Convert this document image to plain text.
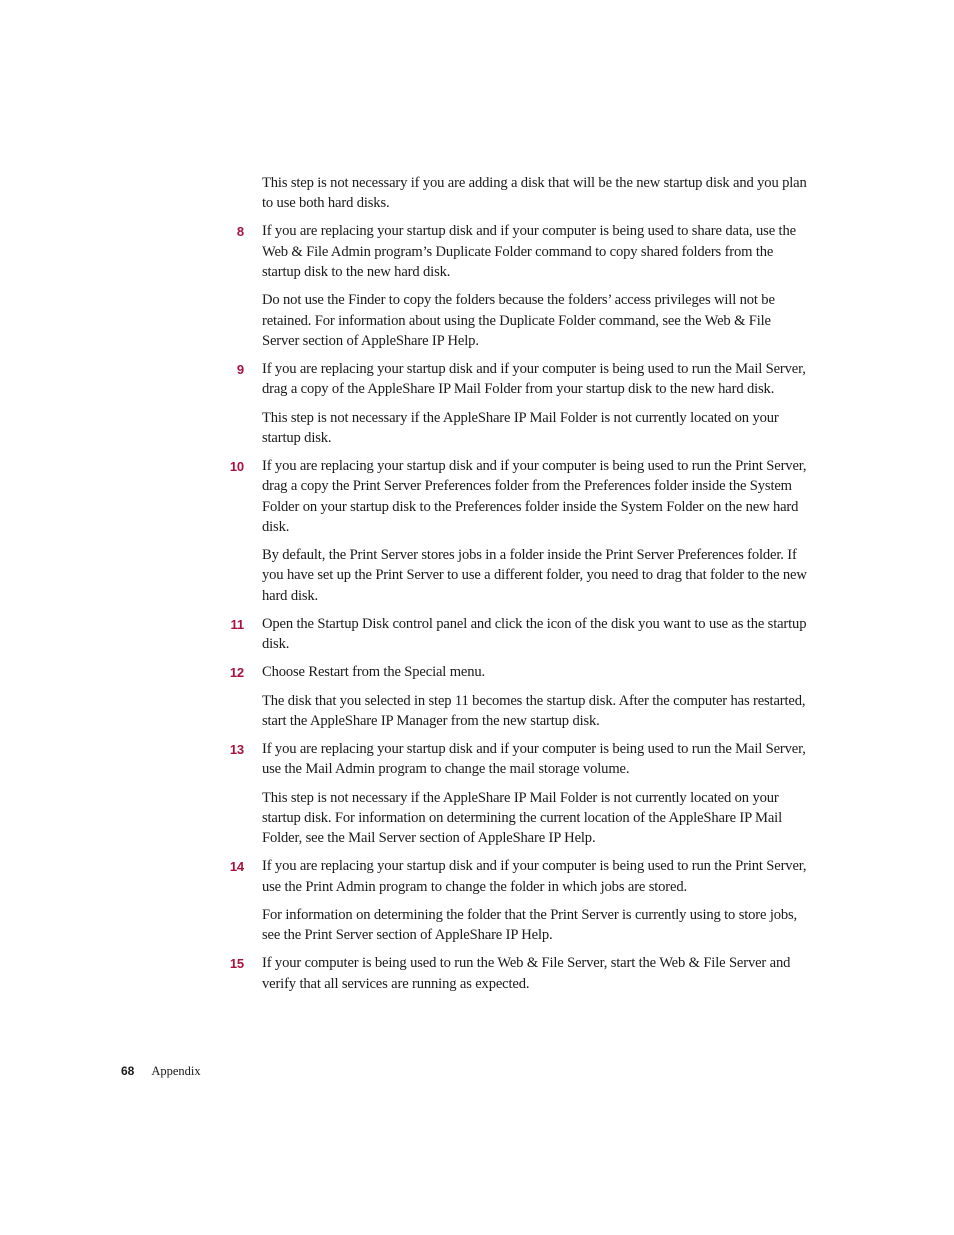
This step is not necessary if you are adding a disk that will be the new startup disk and you plan to use both hard disks.
8 If you are replacing your startup disk and if your computer is being used to share data, use the Web & File Admin program’s Duplicate Folder command to copy shared folders from the startup disk to the new hard disk.
Do not use the Finder to copy the folders because the folders’ access privileges will not be retained. For information about using the Duplicate Folder command, see the Web & File Server section of AppleShare IP Help.
9 If you are replacing your startup disk and if your computer is being used to run the Mail Server, drag a copy of the AppleShare IP Mail Folder from your startup disk to the new hard disk.
This step is not necessary if the AppleShare IP Mail Folder is not currently located on your startup disk.
10 If you are replacing your startup disk and if your computer is being used to run the Print Server, drag a copy the Print Server Preferences folder from the Preferences folder inside the System Folder on your startup disk to the Preferences folder inside the System Folder on the new hard disk.
By default, the Print Server stores jobs in a folder inside the Print Server Preferences folder. If you have set up the Print Server to use a different folder, you need to drag that folder to the new hard disk.
11 Open the Startup Disk control panel and click the icon of the disk you want to use as the startup disk.
12 Choose Restart from the Special menu.
The disk that you selected in step 11 becomes the startup disk. After the computer has restarted, start the AppleShare IP Manager from the new startup disk.
13 If you are replacing your startup disk and if your computer is being used to run the Mail Server, use the Mail Admin program to change the mail storage volume.
This step is not necessary if the AppleShare IP Mail Folder is not currently located on your startup disk. For information on determining the current location of the AppleShare IP Mail Folder, see the Mail Server section of AppleShare IP Help.
14 If you are replacing your startup disk and if your computer is being used to run the Print Server, use the Print Admin program to change the folder in which jobs are stored.
For information on determining the folder that the Print Server is currently using to store jobs, see the Print Server section of AppleShare IP Help.
15 If your computer is being used to run the Web & File Server, start the Web & File Server and verify that all services are running as expected.
68 Appendix
